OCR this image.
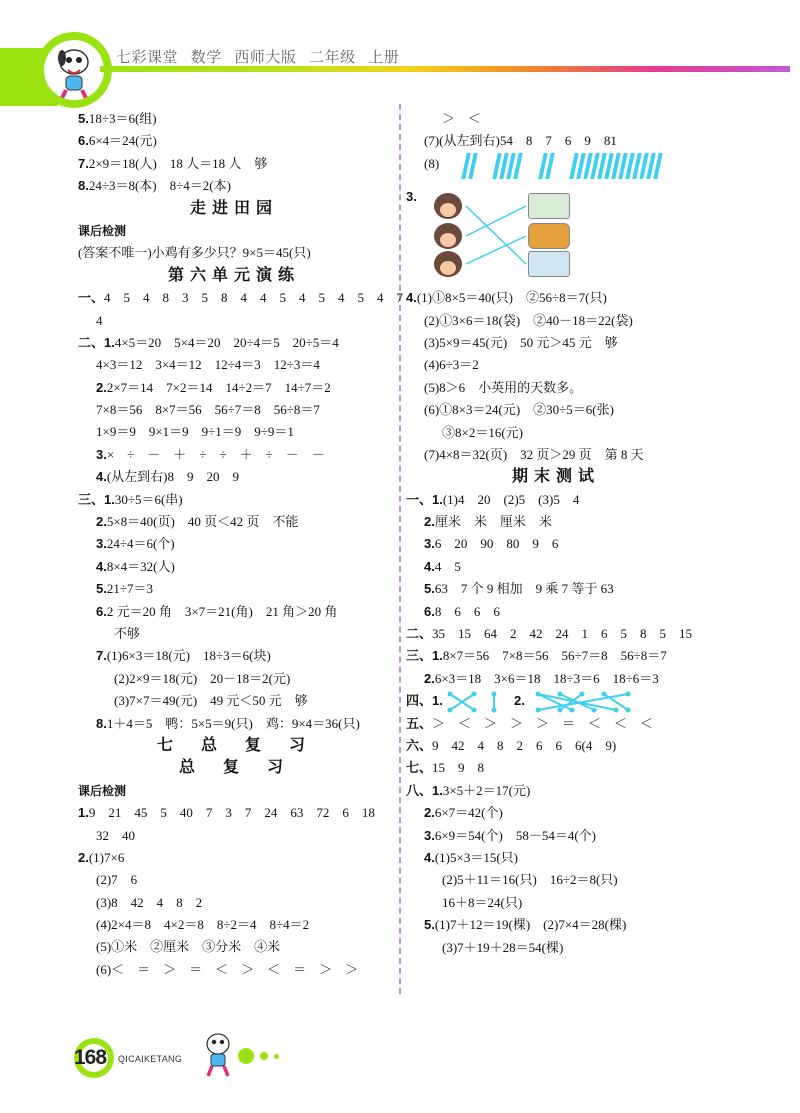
七彩课堂 数学 西师大版 二年级 上册
5.18÷3＝6(组)
6.6×4＝24(元)
7.2×9＝18(人)　18 人＝18 人　够
8.24÷3＝8(本)　8÷4＝2(本)
走进田园
课后检测
(答案不唯一)小鸡有多少只？9×5＝45(只)
第六单元演练
一、4　5　4　8　3　5　8　4　4　5　4　5　4　5　4　7
4
二、1.4×5＝20　5×4＝20　20÷4＝5　20÷5＝4
4×3＝12　3×4＝12　12÷4＝3　12÷3＝4
2.2×7＝14　7×2＝14　14÷2＝7　14÷7＝2
7×8＝56　8×7＝56　56÷7＝8　56÷8＝7
1×9＝9　9×1＝9　9÷1＝9　9÷9＝1
3.×　÷　－　＋　÷　÷　＋　÷　－　－
4.(从左到右)8　9　20　9
三、1.30÷5＝6(串)
2.5×8＝40(页)　40 页＜42 页　不能
3.24÷4＝6(个)
4.8×4＝32(人)
5.21÷7＝3
6.2 元＝20 角　3×7＝21(角)　21 角＞20 角
不够
7.(1)6×3＝18(元)　18÷3＝6(块)
(2)2×9＝18(元)　20－18＝2(元)
(3)7×7＝49(元)　49 元＜50 元　够
8.1＋4＝5　鸭：5×5＝9(只)　鸡：9×4＝36(只)
七　总　复　习
总　复　习
课后检测
1.9　21　45　5　40　7　3　7　24　63　72　6　18
32　40
2.(1)7×6
(2)7　6
(3)8　42　4　8　2
(4)2×4＝8　4×2＝8　8÷2＝4　8÷4＝2
(5)①米　②厘米　③分米　④米
(6)＜　＝　＞　＝　＜　＞　＜　＝　＞　＞
＞　＜
(7)(从左到右)54　8　7　6　9　81
(8)

3.
4.(1)①8×5＝40(只)　②56÷8＝7(只)
(2)①3×6＝18(袋)　②40－18＝22(袋)
(3)5×9＝45(元)　50 元＞45 元　够
(4)6÷3＝2
(5)8＞6　小英用的天数多。
(6)①8×3＝24(元)　②30÷5＝6(张)
③8×2＝16(元)
(7)4×8＝32(页)　32 页＞29 页　第 8 天
期末测试
一、1.(1)4　20　(2)5　(3)5　4
2.厘米　米　厘米　米
3.6　20　90　80　9　6
4.4　5
5.63　7 个 9 相加　9 乘 7 等于 63
6.8　6　6　6
二、35　15　64　2　42　24　1　6　5　8　5　15
三、1.8×7＝56　7×8＝56　56÷7＝8　56÷8＝7
2.6×3＝18　3×6＝18　18÷3＝6　18÷6＝3
四、1.	2.
五、＞　＜　＞　＞　＞　＝　＜　＜　＜
六、9　42　4　8　2　6　6　6(4　9)
七、15　9　8
八、1.3×5＋2＝17(元)
2.6×7＝42(个)
3.6×9＝54(个)　58－54＝4(个)
4.(1)5×3＝15(只)
(2)5＋11＝16(只)　16÷2＝8(只)
16＋8＝24(只)
5.(1)7＋12＝19(棵)　(2)7×4＝28(棵)
(3)7＋19＋28＝54(棵)
168	QICAIKETANG
